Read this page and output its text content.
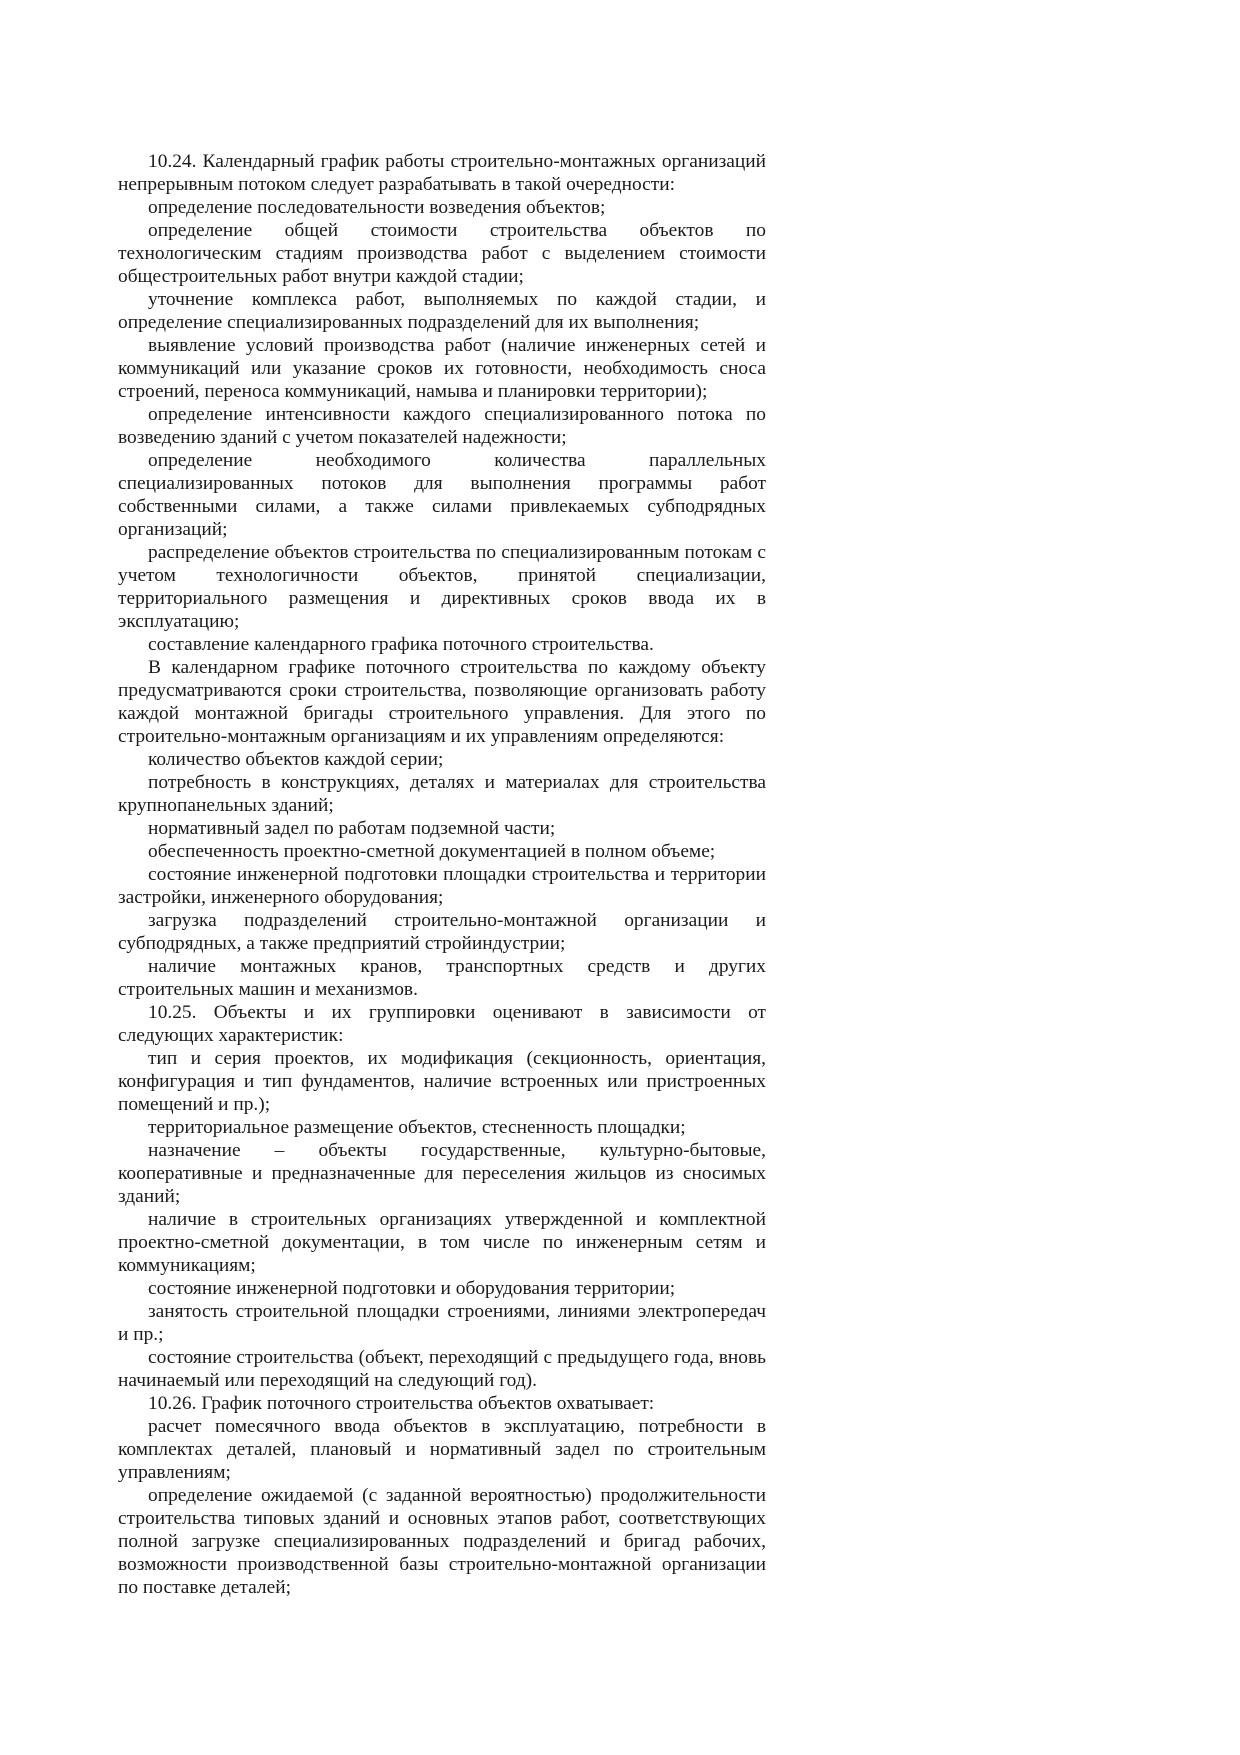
10.24. Календарный график работы строительно-монтажных организаций непрерывным потоком следует разрабатывать в такой очередности:

определение последовательности возведения объектов;

определение общей стоимости строительства объектов по технологическим стадиям производства работ с выделением стоимости общестроительных работ внутри каждой стадии;

уточнение комплекса работ, выполняемых по каждой стадии, и определение специализированных подразделений для их выполнения;

выявление условий производства работ (наличие инженерных сетей и коммуникаций или указание сроков их готовности, необходимость сноса строений, переноса коммуникаций, намыва и планировки территории);

определение интенсивности каждого специализированного потока по возведению зданий с учетом показателей надежности;

определение необходимого количества параллельных специализированных потоков для выполнения программы работ собственными силами, а также силами привлекаемых субподрядных организаций;

распределение объектов строительства по специализированным потокам с учетом технологичности объектов, принятой специализации, территориального размещения и директивных сроков ввода их в эксплуатацию;

составление календарного графика поточного строительства.

В календарном графике поточного строительства по каждому объекту предусматриваются сроки строительства, позволяющие организовать работу каждой монтажной бригады строительного управления. Для этого по строительно-монтажным организациям и их управлениям определяются:

количество объектов каждой серии;

потребность в конструкциях, деталях и материалах для строительства крупнопанельных зданий;

нормативный задел по работам подземной части;

обеспеченность проектно-сметной документацией в полном объеме;

состояние инженерной подготовки площадки строительства и территории застройки, инженерного оборудования;

загрузка подразделений строительно-монтажной организации и субподрядных, а также предприятий стройиндустрии;

наличие монтажных кранов, транспортных средств и других строительных машин и механизмов.

10.25. Объекты и их группировки оценивают в зависимости от следующих характеристик:

тип и серия проектов, их модификация (секционность, ориентация, конфигурация и тип фундаментов, наличие встроенных или пристроенных помещений и пр.);

территориальное размещение объектов, стесненность площадки;

назначение – объекты государственные, культурно-бытовые, кооперативные и предназначенные для переселения жильцов из сносимых зданий;

наличие в строительных организациях утвержденной и комплектной проектно-сметной документации, в том числе по инженерным сетям и коммуникациям;

состояние инженерной подготовки и оборудования территории;

занятость строительной площадки строениями, линиями электропередач и пр.;

состояние строительства (объект, переходящий с предыдущего года, вновь начинаемый или переходящий на следующий год).

10.26. График поточного строительства объектов охватывает:

расчет помесячного ввода объектов в эксплуатацию, потребности в комплектах деталей, плановый и нормативный задел по строительным управлениям;

определение ожидаемой (с заданной вероятностью) продолжительности строительства типовых зданий и основных этапов работ, соответствующих полной загрузке специализированных подразделений и бригад рабочих, возможности производственной базы строительно-монтажной организации по поставке деталей;
